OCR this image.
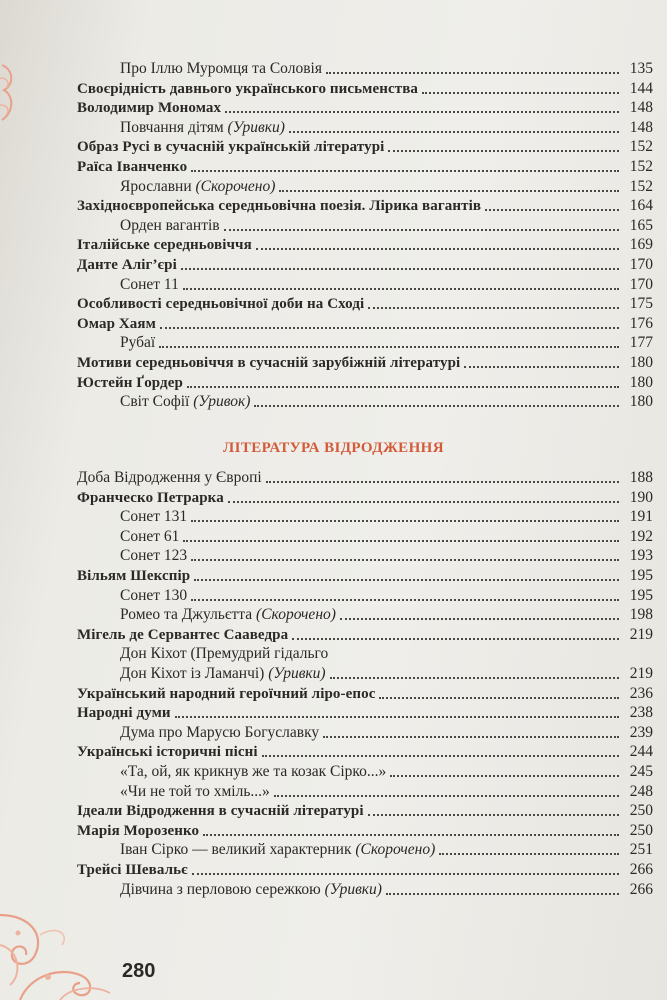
Про Іллю Муромця та Соловія	135
Своєрідність давнього українського письменства	144
Володимир Мономах	148
Повчання дітям (Уривки)	148
Образ Русі в сучасній українській літературі	152
Раїса Іванченко	152
Ярославни (Скорочено)	152
Західноєвропейська середньовічна поезія. Лірика вагантів	164
Орден вагантів	165
Італійське середньовіччя	169
Данте Аліг’єрі	170
Сонет 11	170
Особливості середньовічної доби на Сході	175
Омар Хаям	176
Рубаї	177
Мотиви середньовіччя в сучасній зарубіжній літературі	180
Юстейн Ґордер	180
Світ Софії (Уривок)	180
Доба Відродження у Європі	188
Франческо Петрарка	190
Сонет 131	191
Сонет 61	192
Сонет 123	193
Вільям Шекспір	195
Сонет 130	195
Ромео та Джульєтта (Скорочено)	198
Мігель де Сервантес Сааведра	219
Дон Кіхот (Премудрий гідальго
Дон Кіхот із Ламанчі) (Уривки)	219
Український народний героїчний ліро-епос	236
Народні думи	238
Дума про Марусю Богуславку	239
Українські історичні пісні	244
«Та, ой, як крикнув же та козак Сірко...»	245
«Чи не той то хміль...»	248
Ідеали Відродження в сучасній літературі	250
Марія Морозенко	250
Іван Сірко — великий характерник (Скорочено)	251
Трейсі Шевальє	266
Дівчина з перловою сережкою (Уривки)	266
ЛІТЕРАТУРА ВІДРОДЖЕННЯ
280
